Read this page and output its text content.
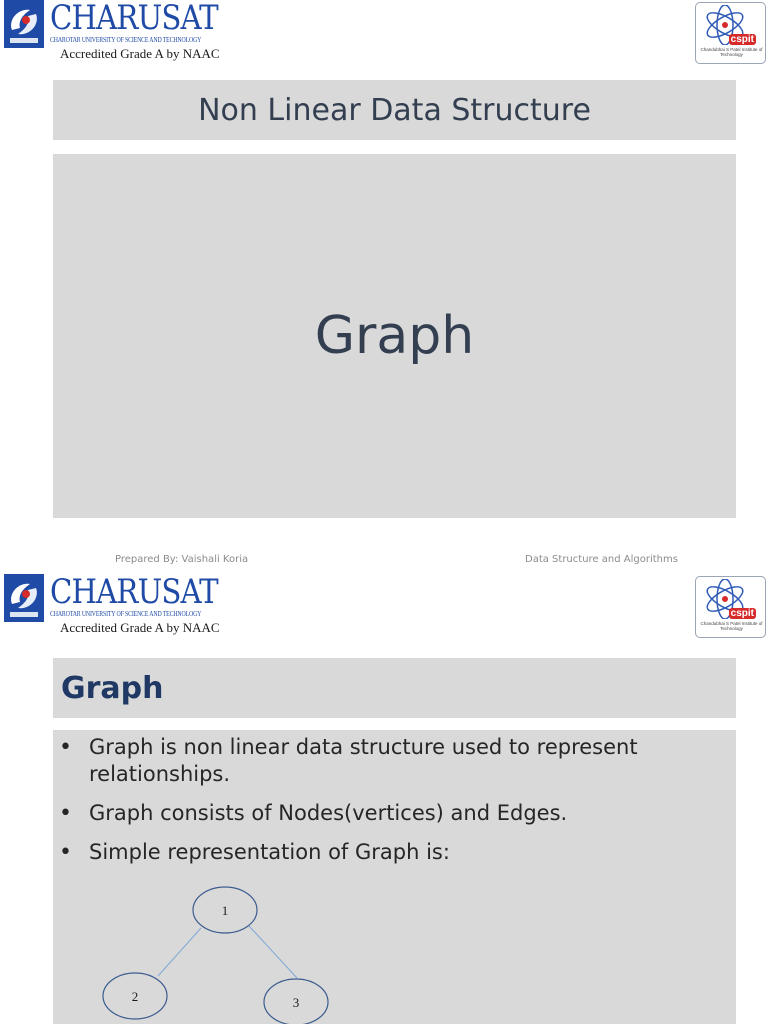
CHARUSAT
CHAROTAR UNIVERSITY OF SCIENCE AND TECHNOLOGY
Accredited Grade A by NAAC
cspit
Chandubhai S Patel Institute of Technology
Non Linear Data Structure
Graph
Prepared By: Vaishali Koria	Data Structure and Algorithms
CHARUSAT
CHAROTAR UNIVERSITY OF SCIENCE AND TECHNOLOGY
Accredited Grade A by NAAC
cspit
Chandubhai S Patel Institute of Technology
Graph
• Graph is non linear data structure used to represent relationships.
• Graph consists of Nodes(vertices) and Edges.
• Simple representation of Graph is:
1
2	3
